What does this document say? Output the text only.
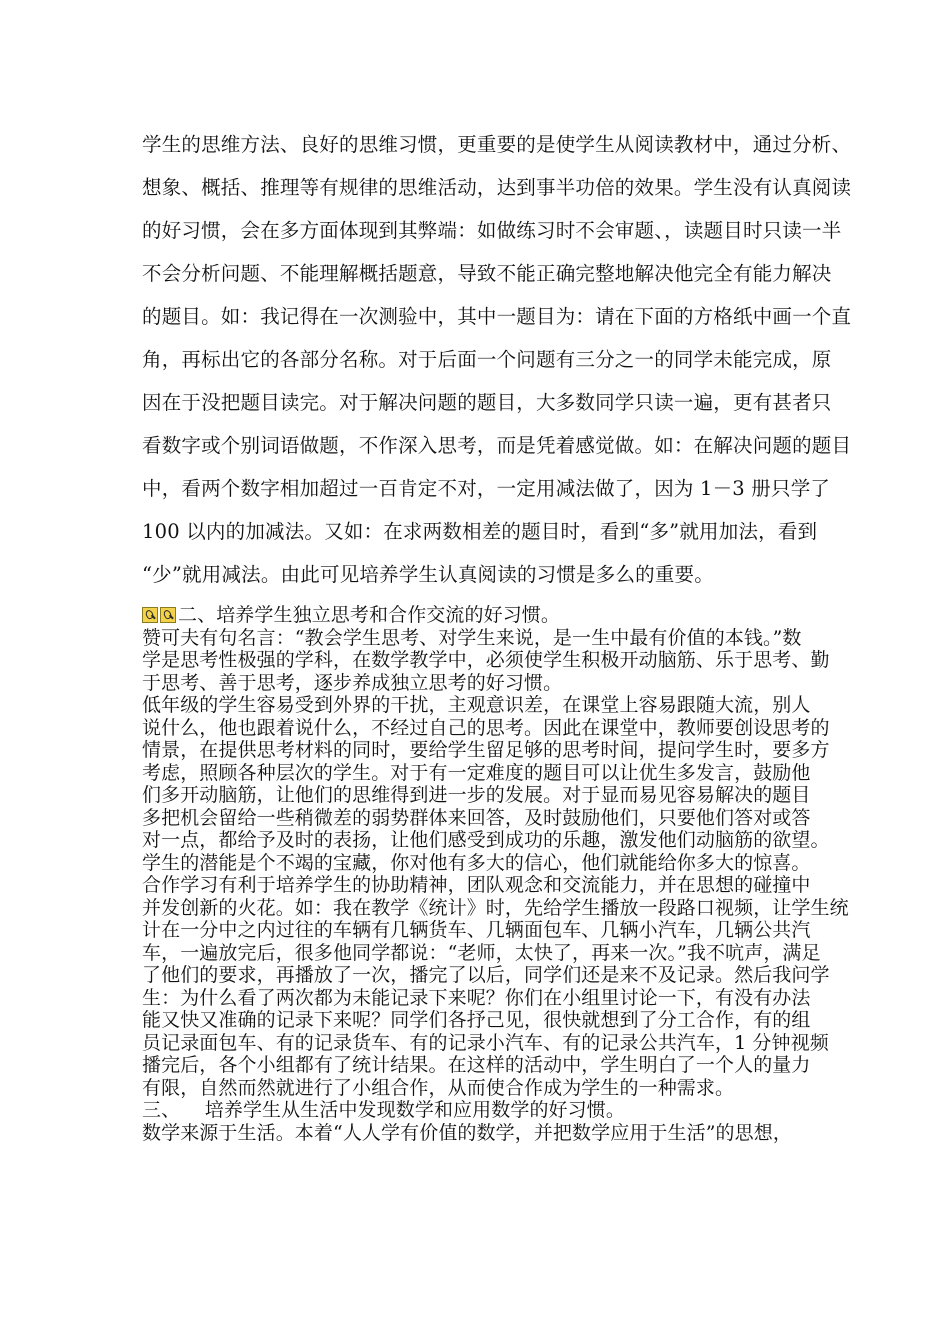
学生的思维方法、良好的思维习惯，更重要的是使学生从阅读教材中，通过分析、
想象、概括、推理等有规律的思维活动，达到事半功倍的效果。学生没有认真阅读
的好习惯，会在多方面体现到其弊端：如做练习时不会审题、，读题目时只读一半
不会分析问题、不能理解概括题意，导致不能正确完整地解决他完全有能力解决
的题目。如：我记得在一次测验中，其中一题目为：请在下面的方格纸中画一个直
角，再标出它的各部分名称。对于后面一个问题有三分之一的同学未能完成，原
因在于没把题目读完。对于解决问题的题目，大多数同学只读一遍，更有甚者只
看数字或个别词语做题，不作深入思考，而是凭着感觉做。如：在解决问题的题目
中，看两个数字相加超过一百肯定不对，一定用减法做了，因为 1－3 册只学了
100 以内的加减法。又如：在求两数相差的题目时，看到“多”就用加法，看到
“少”就用减法。由此可见培养学生认真阅读的习惯是多么的重要。
二、培养学生独立思考和合作交流的好习惯。
赞可夫有句名言：“教会学生思考、对学生来说，是一生中最有价值的本钱。”数
学是思考性极强的学科，在数学教学中，必须使学生积极开动脑筋、乐于思考、勤
于思考、善于思考，逐步养成独立思考的好习惯。
低年级的学生容易受到外界的干扰，主观意识差，在课堂上容易跟随大流，别人
说什么，他也跟着说什么，不经过自己的思考。因此在课堂中，教师要创设思考的
情景，在提供思考材料的同时，要给学生留足够的思考时间，提问学生时，要多方
考虑，照顾各种层次的学生。对于有一定难度的题目可以让优生多发言，鼓励他
们多开动脑筋，让他们的思维得到进一步的发展。对于显而易见容易解决的题目
多把机会留给一些稍微差的弱势群体来回答，及时鼓励他们，只要他们答对或答
对一点，都给予及时的表扬，让他们感受到成功的乐趣，激发他们动脑筋的欲望。
学生的潜能是个不竭的宝藏，你对他有多大的信心，他们就能给你多大的惊喜。
合作学习有利于培养学生的协助精神，团队观念和交流能力，并在思想的碰撞中
并发创新的火花。如：我在教学《统计》时，先给学生播放一段路口视频，让学生统
计在一分中之内过往的车辆有几辆货车、几辆面包车、几辆小汽车，几辆公共汽
车，一遍放完后，很多他同学都说：“老师，太快了，再来一次。”我不吭声，满足
了他们的要求，再播放了一次，播完了以后，同学们还是来不及记录。然后我问学
生：为什么看了两次都为未能记录下来呢？你们在小组里讨论一下，有没有办法
能又快又准确的记录下来呢？同学们各抒己见，很快就想到了分工合作，有的组
员记录面包车、有的记录货车、有的记录小汽车、有的记录公共汽车，1 分钟视频
播完后，各个小组都有了统计结果。在这样的活动中，学生明白了一个人的量力
有限，自然而然就进行了小组合作，从而使合作成为学生的一种需求。
三、    培养学生从生活中发现数学和应用数学的好习惯。
数学来源于生活。本着“人人学有价值的数学，并把数学应用于生活”的思想，
